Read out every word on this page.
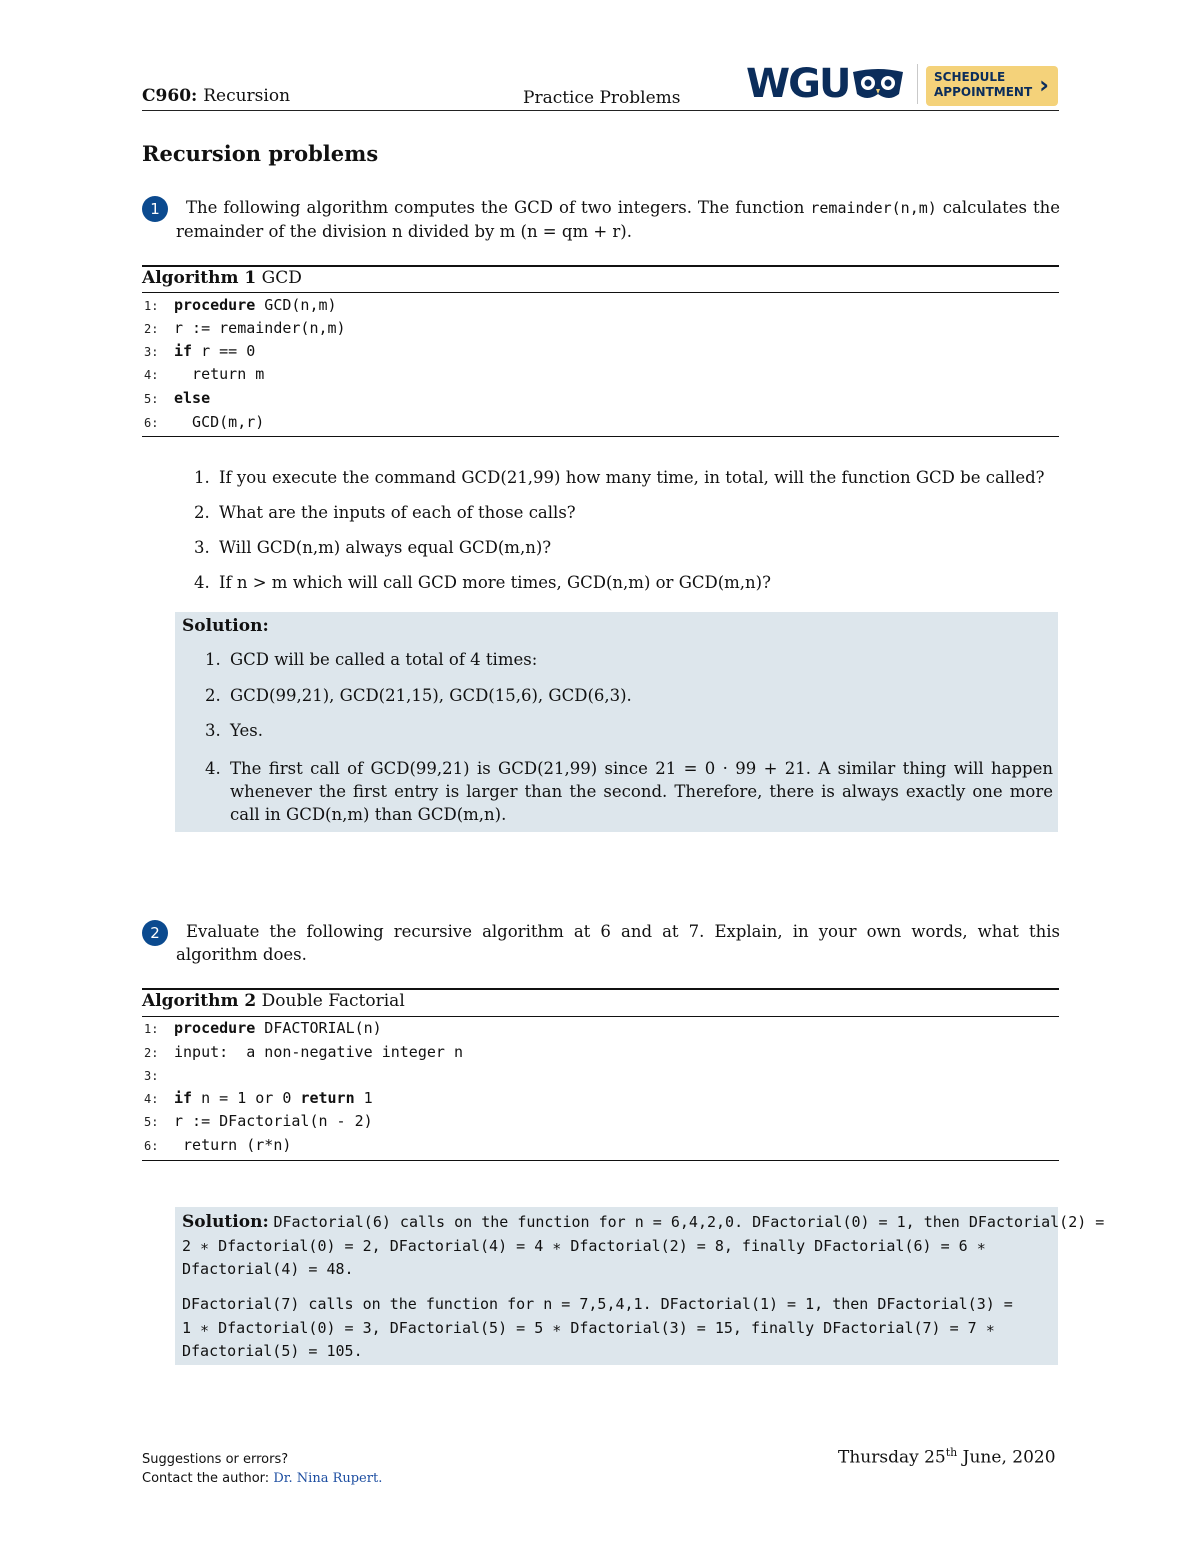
C960: Recursion	Practice Problems WGU	SCHEDULE
APPOINTMENT ›
Recursion problems
1	The following algorithm computes the GCD of two integers. The function remainder(n,m) calculates the remainder of the division n divided by m (n = qm + r).
Algorithm 1 GCD
1: procedure GCD(n,m)
2: r := remainder(n,m)
3: if r == 0
4:  return m
5: else
6:  GCD(m,r)
1. If you execute the command GCD(21,99) how many time, in total, will the function GCD be called?
2. What are the inputs of each of those calls?
3. Will GCD(n,m) always equal GCD(m,n)?
4. If n > m which will call GCD more times, GCD(n,m) or GCD(m,n)?
Solution:
1. GCD will be called a total of 4 times:
2. GCD(99,21), GCD(21,15), GCD(15,6), GCD(6,3).
3. Yes.
4. The first call of GCD(99,21) is GCD(21,99) since 21 = 0 · 99 + 21. A similar thing will happen whenever the first entry is larger than the second. Therefore, there is always exactly one more call in GCD(n,m) than GCD(m,n).
2	Evaluate the following recursive algorithm at 6 and at 7. Explain, in your own words, what this algorithm does.
Algorithm 2 Double Factorial
1: procedure DFACTORIAL(n)
2: input:  a non-negative integer n
3:
4: if n = 1 or 0 return 1
5: r := DFactorial(n - 2)
6: return (r*n)
Solution: DFactorial(6) calls on the function for n = 6,4,2,0. DFactorial(0) = 1, then DFactorial(2) =
2 ∗ Dfactorial(0) = 2, DFactorial(4) = 4 ∗ Dfactorial(2) = 8, finally DFactorial(6) = 6 ∗
Dfactorial(4) = 48.
DFactorial(7) calls on the function for n = 7,5,4,1. DFactorial(1) = 1, then DFactorial(3) =
1 ∗ Dfactorial(0) = 3, DFactorial(5) = 5 ∗ Dfactorial(3) = 15, finally DFactorial(7) = 7 ∗
Dfactorial(5) = 105.
Suggestions or errors?
Contact the author: Dr. Nina Rupert.
Thursday 25th June, 2020
